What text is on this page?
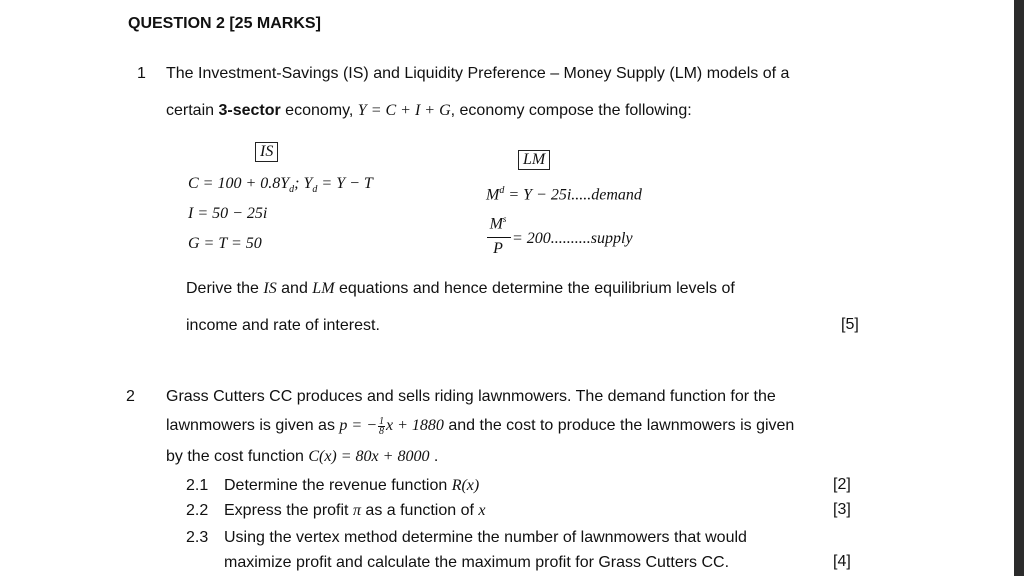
QUESTION 2 [25 MARKS]
1 The Investment-Savings (IS) and Liquidity Preference – Money Supply (LM) models of a
certain 3-sector economy, Y = C + I + G, economy compose the following:
IS	LM
$C = 100 + 0.8Y_d$; $Y_d = Y - T$
I = 50 − 25i
G = T = 50
$M^d = Y$ − 25i.....demand
$M^s$
P
= 200..........supply
Derive the IS and LM equations and hence determine the equilibrium levels of
income and rate of interest.	[5]
2 Grass Cutters CC produces and sells riding lawnmowers. The demand function for the
lawnmowers is given as p = − $\frac{1}{8}$ x + 1880 and the cost to produce the lawnmowers is given
by the cost function C(x) = 80x + 8000 .
2.1 Determine the revenue function R(x)	[2]
2.2 Express the profit π as a function of x	[3]
2.3 Using the vertex method determine the number of lawnmowers that would
maximize profit and calculate the maximum profit for Grass Cutters CC.	[4]
